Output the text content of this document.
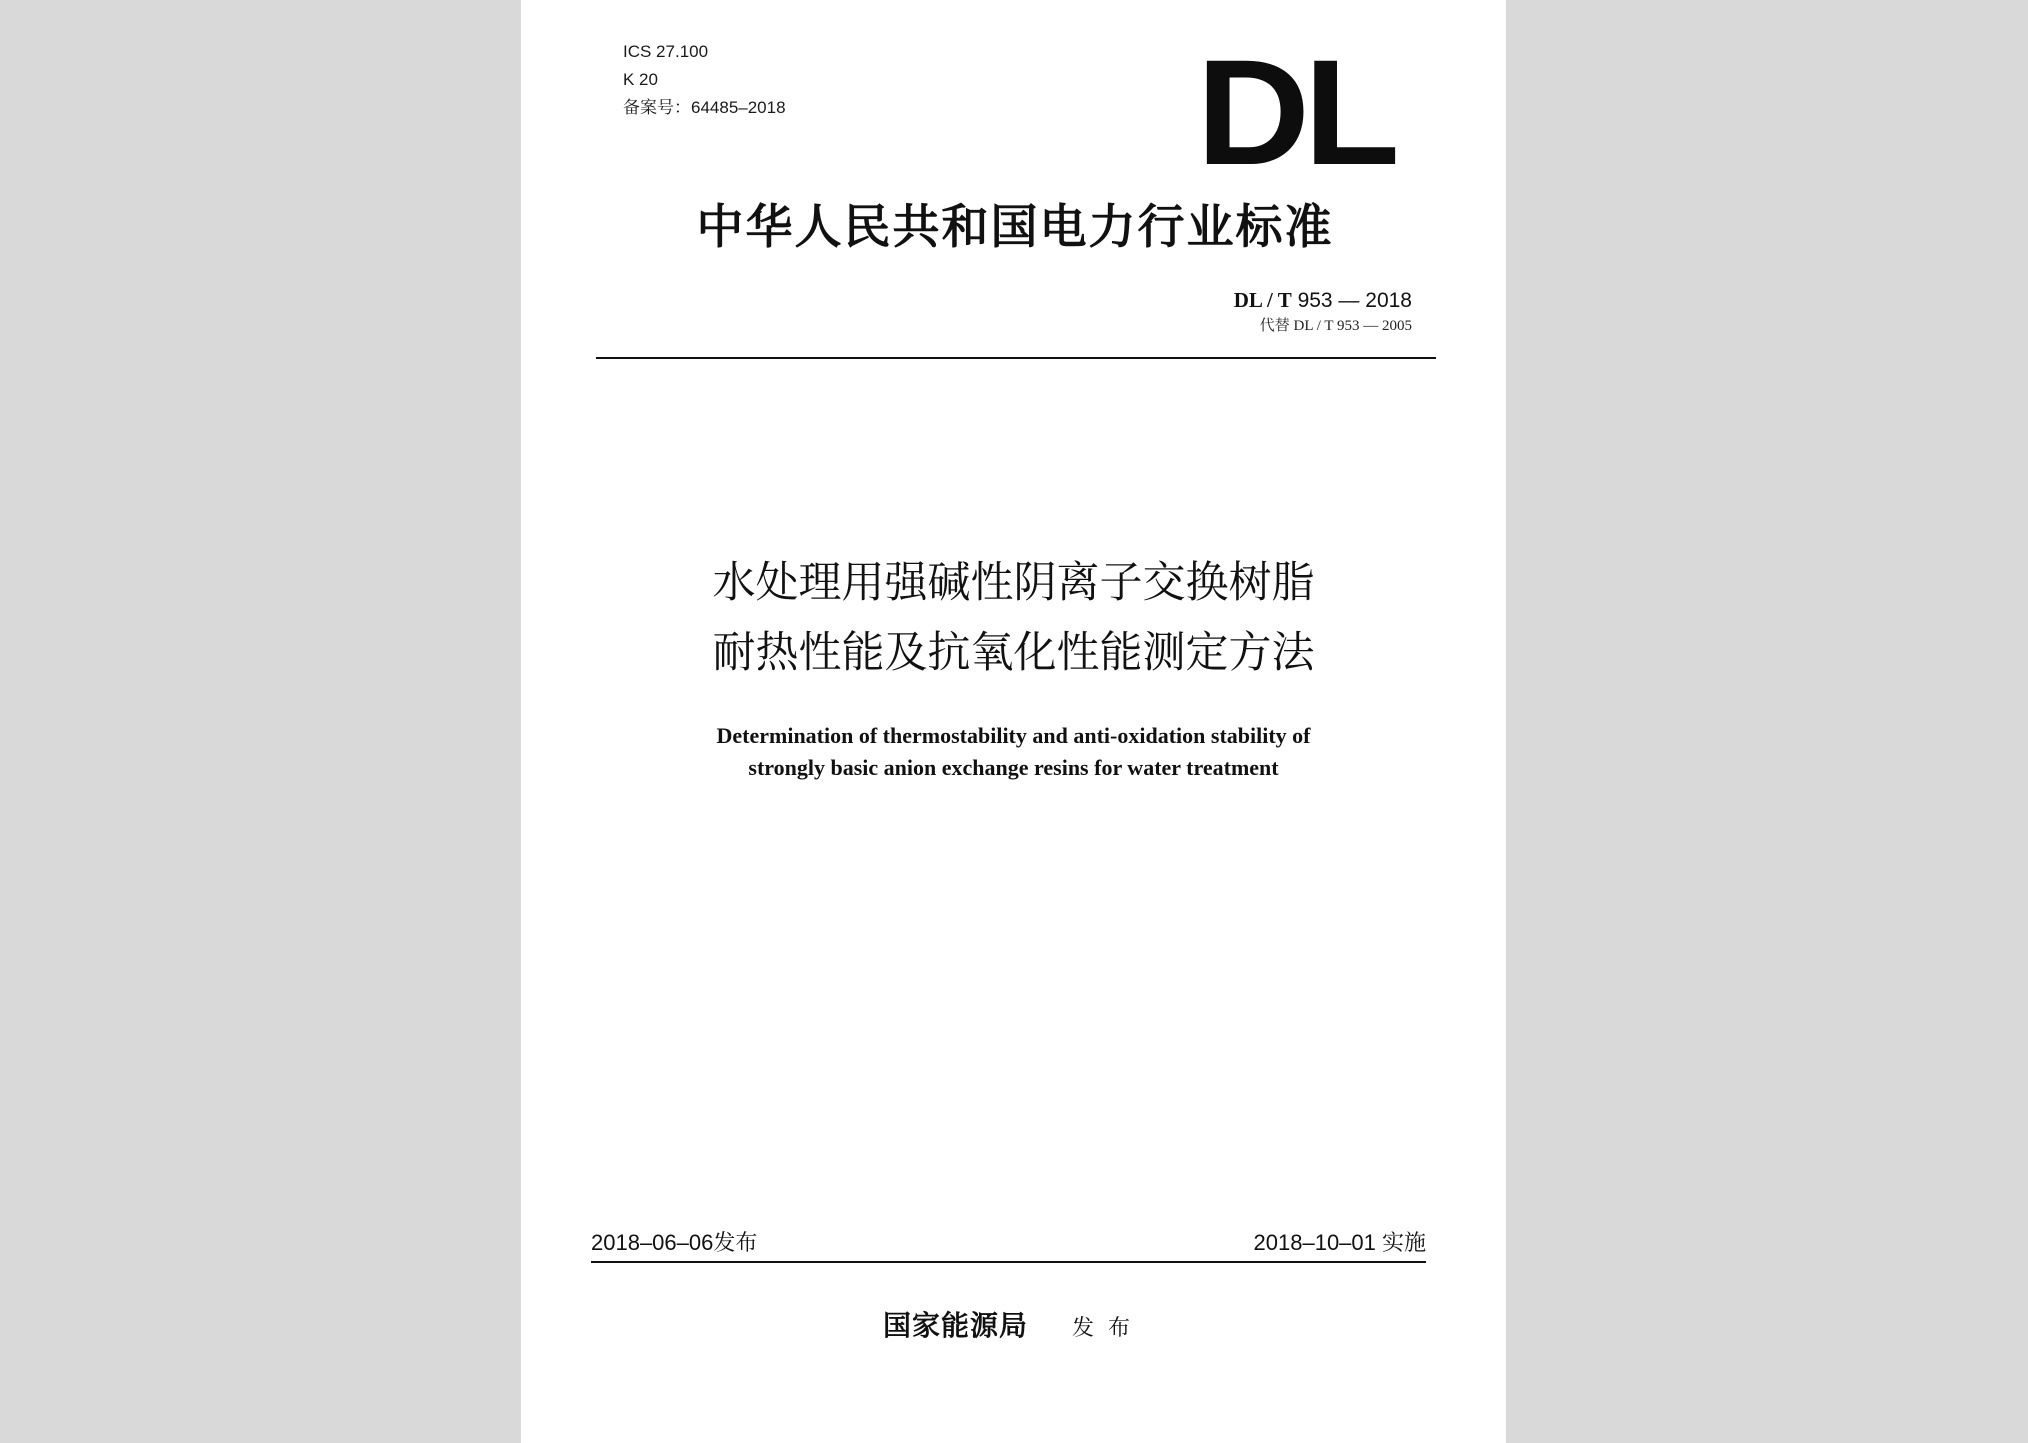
ICS 27.100
K 20
备案号：64485–2018	DL
中华人民共和国电力行业标准
DL / T 953 — 2018
代替 DL / T 953 — 2005
水处理用强碱性阴离子交换树脂
耐热性能及抗氧化性能测定方法
Determination of thermostability and anti-oxidation stability of
strongly basic anion exchange resins for water treatment
2018–06–06发布	2018–10–01 实施
国家能源局 发布
